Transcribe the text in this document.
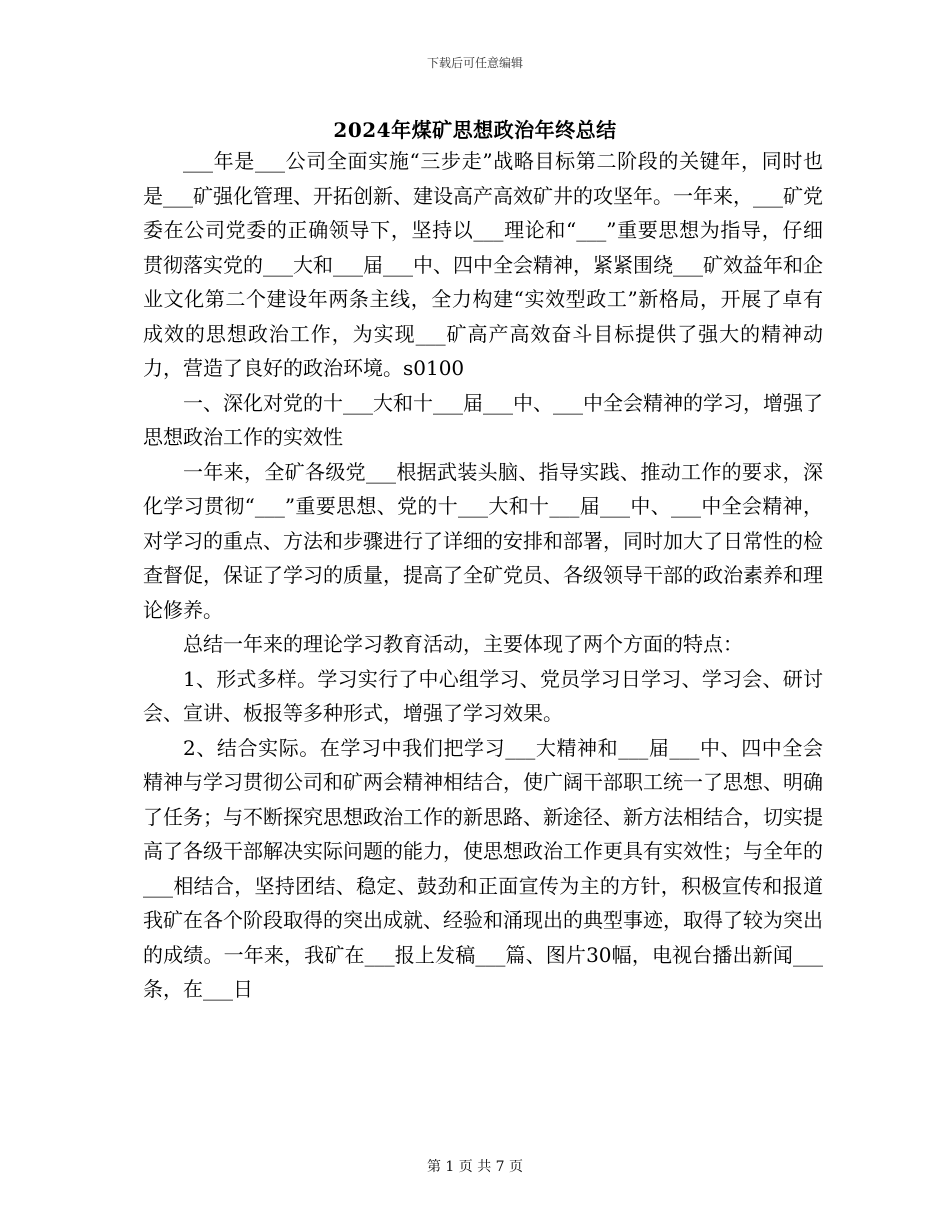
下载后可任意编辑
2024年煤矿思想政治年终总结

___年是___公司全面实施“三步走”战略目标第二阶段的关键年，同时也是___矿强化管理、开拓创新、建设高产高效矿井的攻坚年。一年来，___矿党委在公司党委的正确领导下，坚持以___理论和“___”重要思想为指导，仔细贯彻落实党的___大和___届___中、四中全会精神，紧紧围绕___矿效益年和企业文化第二个建设年两条主线，全力构建“实效型政工”新格局，开展了卓有成效的思想政治工作，为实现___矿高产高效奋斗目标提供了强大的精神动力，营造了良好的政治环境。s0100

一、深化对党的十___大和十___届___中、___中全会精神的学习，增强了思想政治工作的实效性

一年来，全矿各级党___根据武装头脑、指导实践、推动工作的要求，深化学习贯彻“___”重要思想、党的十___大和十___届___中、___中全会精神，对学习的重点、方法和步骤进行了详细的安排和部署，同时加大了日常性的检查督促，保证了学习的质量，提高了全矿党员、各级领导干部的政治素养和理论修养。

总结一年来的理论学习教育活动，主要体现了两个方面的特点：

1、形式多样。学习实行了中心组学习、党员学习日学习、学习会、研讨会、宣讲、板报等多种形式，增强了学习效果。

2、结合实际。在学习中我们把学习___大精神和___届___中、四中全会精神与学习贯彻公司和矿两会精神相结合，使广阔干部职工统一了思想、明确了任务；与不断探究思想政治工作的新思路、新途径、新方法相结合，切实提高了各级干部解决实际问题的能力，使思想政治工作更具有实效性；与全年的___相结合，坚持团结、稳定、鼓劲和正面宣传为主的方针，积极宣传和报道我矿在各个阶段取得的突出成就、经验和涌现出的典型事迹，取得了较为突出的成绩。一年来，我矿在___报上发稿___篇、图片30幅，电视台播出新闻___条，在___日

第 1 页 共 7 页
